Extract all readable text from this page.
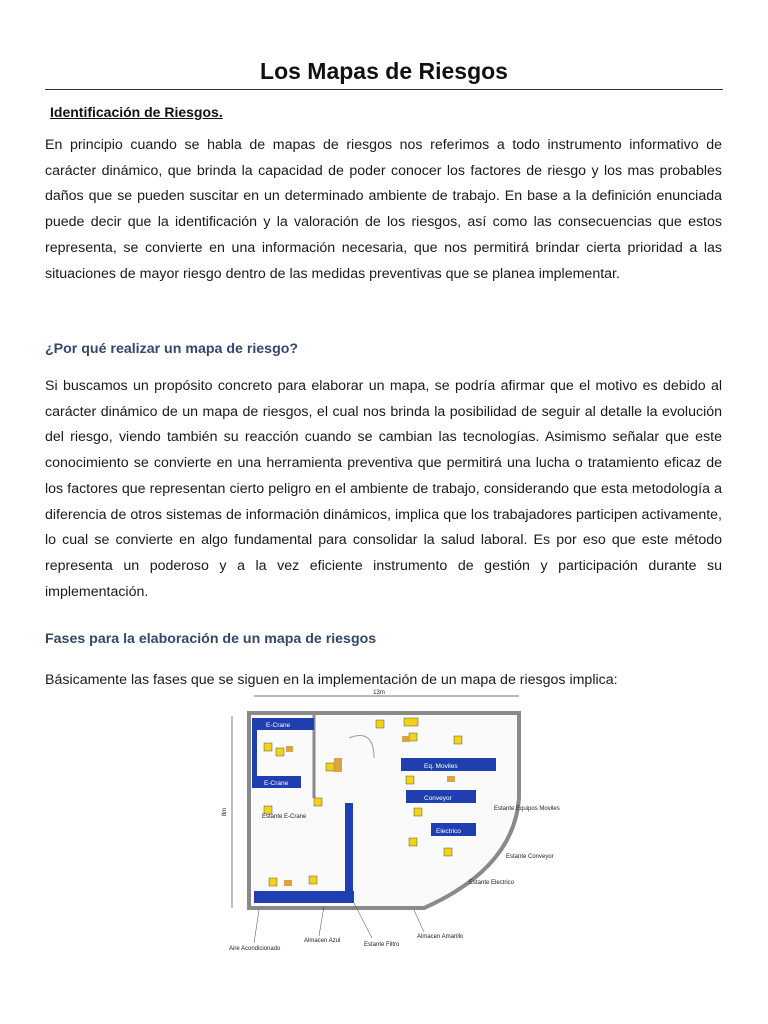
Los Mapas de Riesgos
Identificación de Riesgos.

En principio cuando se habla de mapas de riesgos nos referimos a todo instrumento informativo de carácter dinámico, que brinda la capacidad de poder conocer los factores de riesgo y los mas probables daños que se pueden suscitar en un determinado ambiente de trabajo. En base a la definición enunciada puede decir que la identificación y la valoración de los riesgos, así como las consecuencias que estos representa, se convierte en una información necesaria, que nos permitirá brindar cierta prioridad a las situaciones de mayor riesgo dentro de las medidas preventivas que se planea implementar.

¿Por qué realizar un mapa de riesgo?

Si buscamos un propósito concreto para elaborar un mapa, se podría afirmar que el motivo es debido al carácter dinámico de un mapa de riesgos, el cual nos brinda la posibilidad de seguir al detalle la evolución del riesgo, viendo también su reacción cuando se cambian las tecnologías. Asimismo señalar que este conocimiento se convierte en una herramienta preventiva que permitirá una lucha o tratamiento eficaz de los factores que representan cierto peligro en el ambiente de trabajo, considerando que esta metodología a diferencia de otros sistemas de información dinámicos, implica que los trabajadores participen activamente, lo cual se convierte en algo fundamental para consolidar la salud laboral. Es por eso que este método representa un poderoso y a la vez eficiente instrumento de gestión y participación durante su implementación.

Fases para la elaboración de un mapa de riesgos

Básicamente las fases que se siguen en la implementación de un mapa de riesgos implica:

13m
8m
E-Crane
E-Crane
Eq. Moviles
Conveyor
Electrico
Estante E-Crane
Estante Equipos Moviles
Estante Conveyor
Estante Electrico
Aire Acondicionado
Almacen Azul
Estante Filtro
Almacen Amarillo
